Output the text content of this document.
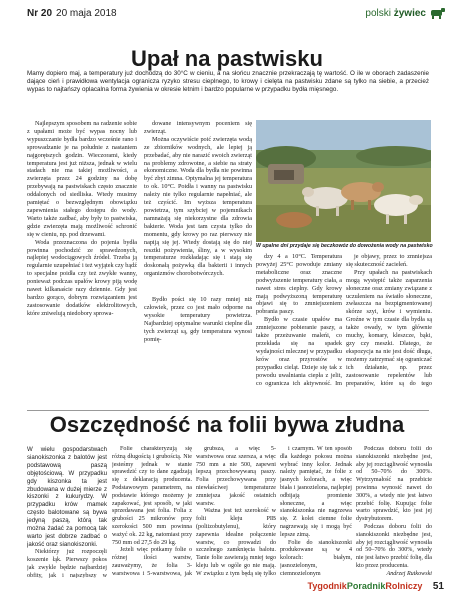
Nr 20 20 maja 2018	polski żywiec
Upał na pastwisku

Mamy dopiero maj, a temperatury już dochodzą do 30°C w cieniu, a na słońcu znacznie przekraczają tę wartość. O ile w oborach zadaszenie dające cień i prawidłowa wentylacja ogranicza ryzyko stresu cieplnego, to krowy i cielęta na pastwisku zdane są tylko na siebie, a przecież wypas to najtańszy oplacalna forma żywienia w okresie letnim i bardzo popularne w przypadku bydła mięsnego.

Najlepszym sposobem na radzenie sobie z upałami może być wypas nocny lub wypuszczanie bydła bardzo wcześnie rano i sprowadzanie je na południe z nastaniem najgorętszych godzin. Wieczorami, kiedy temperatura jest już niższa, jednak w wielu stadach nie ma takiej możliwości, a zwierzęta przez 24 godziny na dobę przebywają na pastwiskach często znacznie oddalonych od siedliska. Wtedy musimy pamiętać o bezwzględnym obowiązku zapewnienia stałego dostępu do wody. Warto także zadbać, aby były to pastwiska, gdzie zwierzęta mają możliwość schronić się w cieniu, np. pod drzewami.

Woda przeznaczona do pojenia bydła powinna pochodzić ze sprawdzonych, najlepiej wodociągowych źródeł. Trzeba ją regularnie uzupełniać i też wyjątek czy bądź to specjalne poidła czy też zwykłe wanny, ponieważ podczas upałów krowy piją wodę nawet kilkanaście razy dziennie. Gdy jest bardzo gorąco, dobrym rozwiązaniem jest zastosowanie dodatków elektrolitowych, które zniwelują niedobory sprowa-

dowane intensywnym poceniem się zwierząt.

Można oczywiście poić zwierzęta wodą ze zbiorników wodnych, ale lepiej ją przebadać, aby nie narazić swoich zwierząt na problemy zdrowotne, a siebie na straty ekonomiczne. Woda dla bydła nie powinna być zbyt zimna. Optymalna jej temperatura to ok. 10°C. Poidła i wanny na pastwisku należy nie tylko regularnie napełniać, ale też czyścić. Im wyższa temperatura powietrza, tym szybciej w pojemnikach namnażają się niekorzystne dla zdrowia bakterie. Woda jest tam czysta tylko do momentu, gdy krowy po raz pierwszy nie napiją się jej. Wtedy dostają się do niej resztki pożywienia, śliny, a w wysokim temperaturze rozkładając się i stają się doskonałą pożywką dla bakterii i innych organizmów chorobotwórczych.

W upalne dni przydaje się beczkowóz do dowożenia wody na pastwisko

Bydło pości się 10 razy mniej niż człowiek, przez co jest mało odporne na wysokie temperatury powietrza. Najbardziej optymalne warunki cieplne dla tych zwierząt są, gdy temperatura wynosi pomię-

dzy 4 a 10°C. Temperatura powyżej 25°C powoduje zmiany metaboliczne oraz znaczne podwyższenie temperatury ciała, a nawet stres cieplny. Gdy krowy mają podwyższoną temperaturę objawi się to zmniejszeniem pobrania paszy.

Bydło w czasie upałów ma zmniejszone pobieranie paszy, a także przeżuwanie maleńi, co przekłada się na spadek wydajności mlecznej w przypadku krów oraz przyrostów w przypadku cieląt. Dzieje się tak z powodu uwalniania ciepła z jelit, co ogranicza ich aktywność. Im

je objawy, przez to zmniejsza się skuteczność zacieleń.

Przy upałach na pastwiskach mogą występić także zaparzenia słoneczne oraz zmiany związane z uczuleniem na światło słoneczne, zwłaszcza na bezpigmentowanej skórze szyi, krów i wymieniu. Groźne w tym czasie dla bydła są także owady, w tym głównie muchy, komary, kleszcze, bąki, gzy czy meszki. Dlatego, że ekspozycja na nie jest dość długa, możemy zatrzymać się ograniczać ich działanie, np. przez zastosowanie repelentów lub preparatów, które są do tego

Oszczędność na folii bywa złudna

W wielu gospodarstwach sianokiszonka z balotów jest podstawową paszą objętościową. W przypadku gdy kiszonka ta jest zbudowana w dużej mierze z kiszonki z kukurydzy. W przypadku krów mamek często balotowane są bywa jedyną paszą, którą tak można żadać za pomocą tak warto jest dobrze zadbać o jakość oraz sianokiszonki.

Niektórzy już rozpoczęli koszenie łąk. Pierwszy pokos jak zwykle będzie najbardziej obfity, jak i najszybszy w

Folie charakteryzują się różną długością i grubością. Nie jesteśmy jednak w stanie sprawdzić czy to dane zgadzają się z deklaracją producenta. Podstawowym parametrem, na podstawie którego możemy je zapakować, jest sposób, w jaki sprzedawana jest folia. Folia z grubości 25 mikronów przy szerokości 500 mm powinna ważyć ok. 22 kg, natomiast przy 750 mm od 27,5 do 29 kg.

Jeżeli więc potkamy folie o różnej ilości warstw, zauważymy, że folia 3-warstwowa i 5-warstwowa, jak

grubsza, a więc 5-warstwowa oraz szersza, a więc 750 mm a nie 500, zapewni lepszą przechowywaną paszy. Folia przechowywana przy niewłaściwej temperaturze zmniejsza jakość ostatnich warstw.

Ważna jest też szerokość w folii kleju PIB (poliizobutylenu), który zapewnia idealne połączenie warstw, co prowadzi do szczelnego zamknięcia balotu. Tanie folie zawierają mniej tego kleju lub w ogóle go nie mają. W związku z tym będą się tylko

i czarnym. W ten sposób dla każdego pokosu można wybrać inny kolor. Jednak należy pamiętać, że folie z jasnych kolorach, a więc biała i jasnozielona, najlepiej odbijają promienie słoneczne, a więc sianokiszonka nie nagrzewa się. Z kolei ciemne folie nagrzewają się i mogą być lepsze zimą.

Folie do sianokiszonki produkowane są w 4 kolorach: białym, jasnozielonym, ciemnozielonym

Podczas doboru folii do sianokiszonki niezbędne jest, aby jej rozciągliwość wynosiła od 50–70% do 300%. Wytrzymałość na przebicie powinna wynosić nawet do 300%, a wtedy nie jest łatwo przebić folię. Kupując folie warto sprawdzić, kto jest jej dystrybutorem.

Podczas doboru folii do sianokiszonki niezbędne jest, aby jej rozciągliwość wynosiła od 50–70% do 300%, wtedy nie jest łatwo przebić folię, dla kto przez producenta.

Andrzej Rutkowski

TygodnikPoradnikRolniczy 51
